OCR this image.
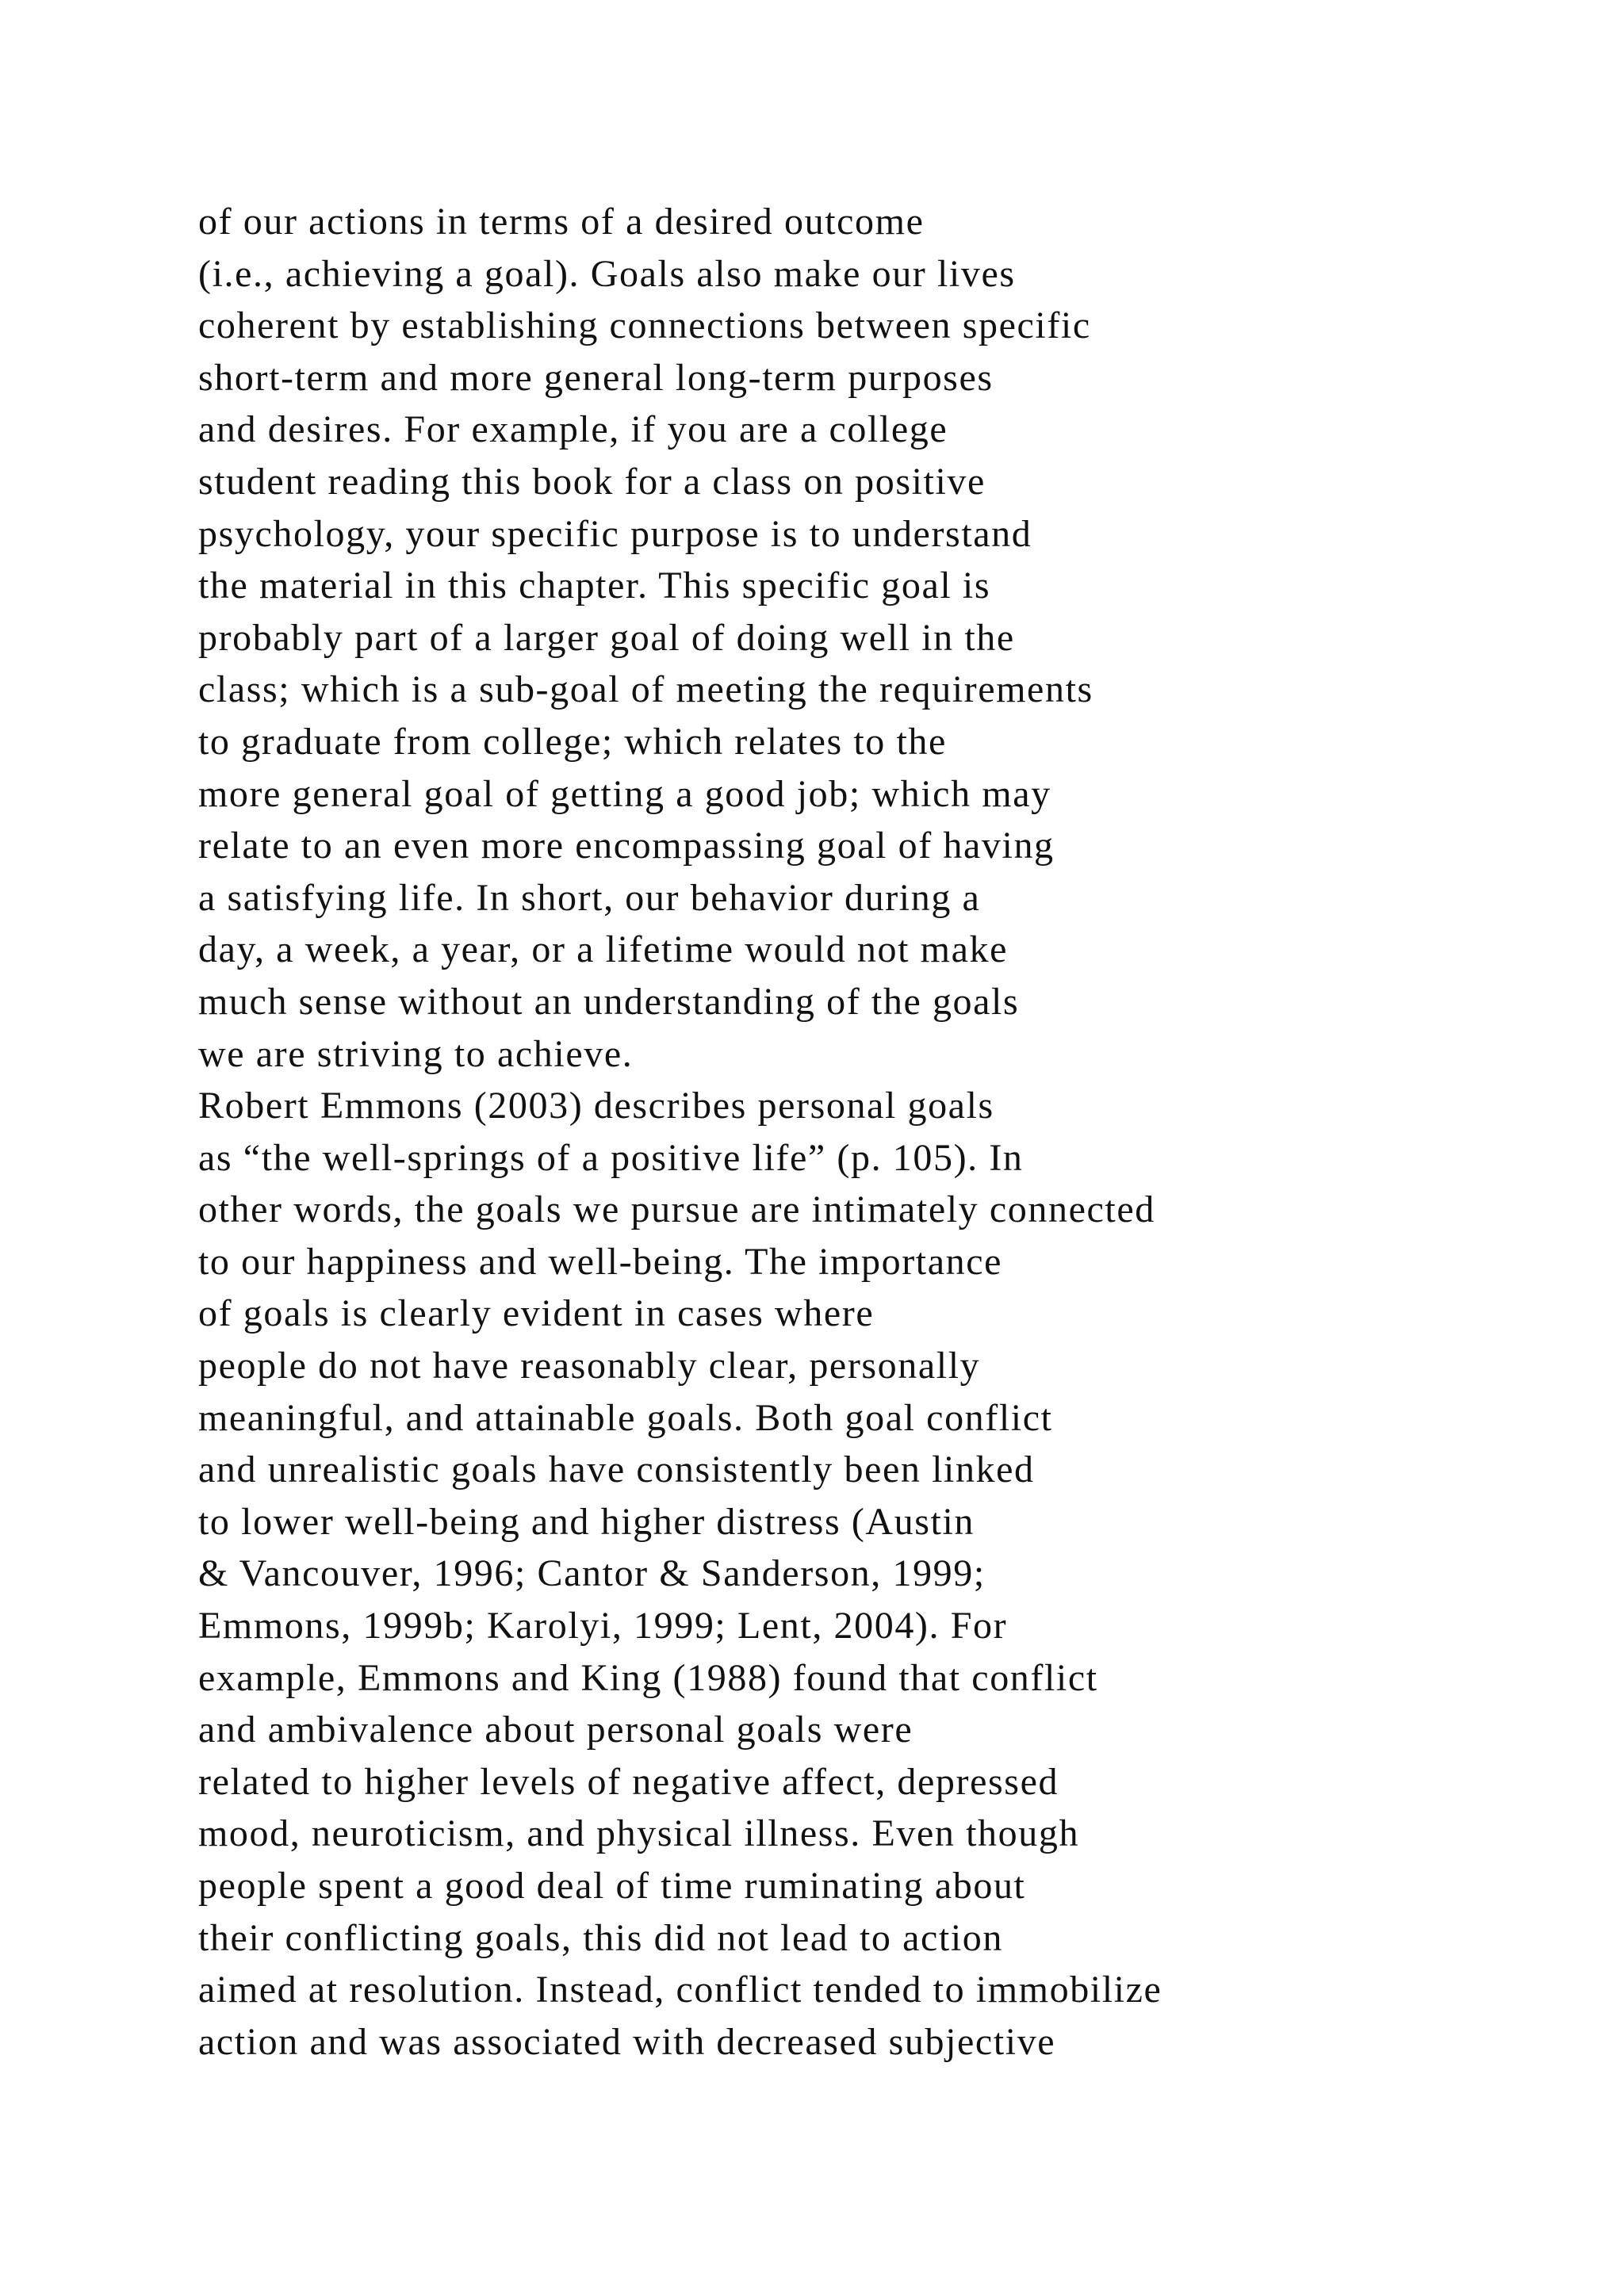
of our actions in terms of a desired outcome
(i.e., achieving a goal). Goals also make our lives
coherent by establishing connections between specific
short-term and more general long-term purposes
and desires. For example, if you are a college
student reading this book for a class on positive
psychology, your specific purpose is to understand
the material in this chapter. This specific goal is
probably part of a larger goal of doing well in the
class; which is a sub-goal of meeting the requirements
to graduate from college; which relates to the
more general goal of getting a good job; which may
relate to an even more encompassing goal of having
a satisfying life. In short, our behavior during a
day, a week, a year, or a lifetime would not make
much sense without an understanding of the goals
we are striving to achieve.
Robert Emmons (2003) describes personal goals
as “the well-springs of a positive life” (p. 105). In
other words, the goals we pursue are intimately connected
to our happiness and well-being. The importance
of goals is clearly evident in cases where
people do not have reasonably clear, personally
meaningful, and attainable goals. Both goal conflict
and unrealistic goals have consistently been linked
to lower well-being and higher distress (Austin
& Vancouver, 1996; Cantor & Sanderson, 1999;
Emmons, 1999b; Karolyi, 1999; Lent, 2004). For
example, Emmons and King (1988) found that conflict
and ambivalence about personal goals were
related to higher levels of negative affect, depressed
mood, neuroticism, and physical illness. Even though
people spent a good deal of time ruminating about
their conflicting goals, this did not lead to action
aimed at resolution. Instead, conflict tended to immobilize
action and was associated with decreased subjective
